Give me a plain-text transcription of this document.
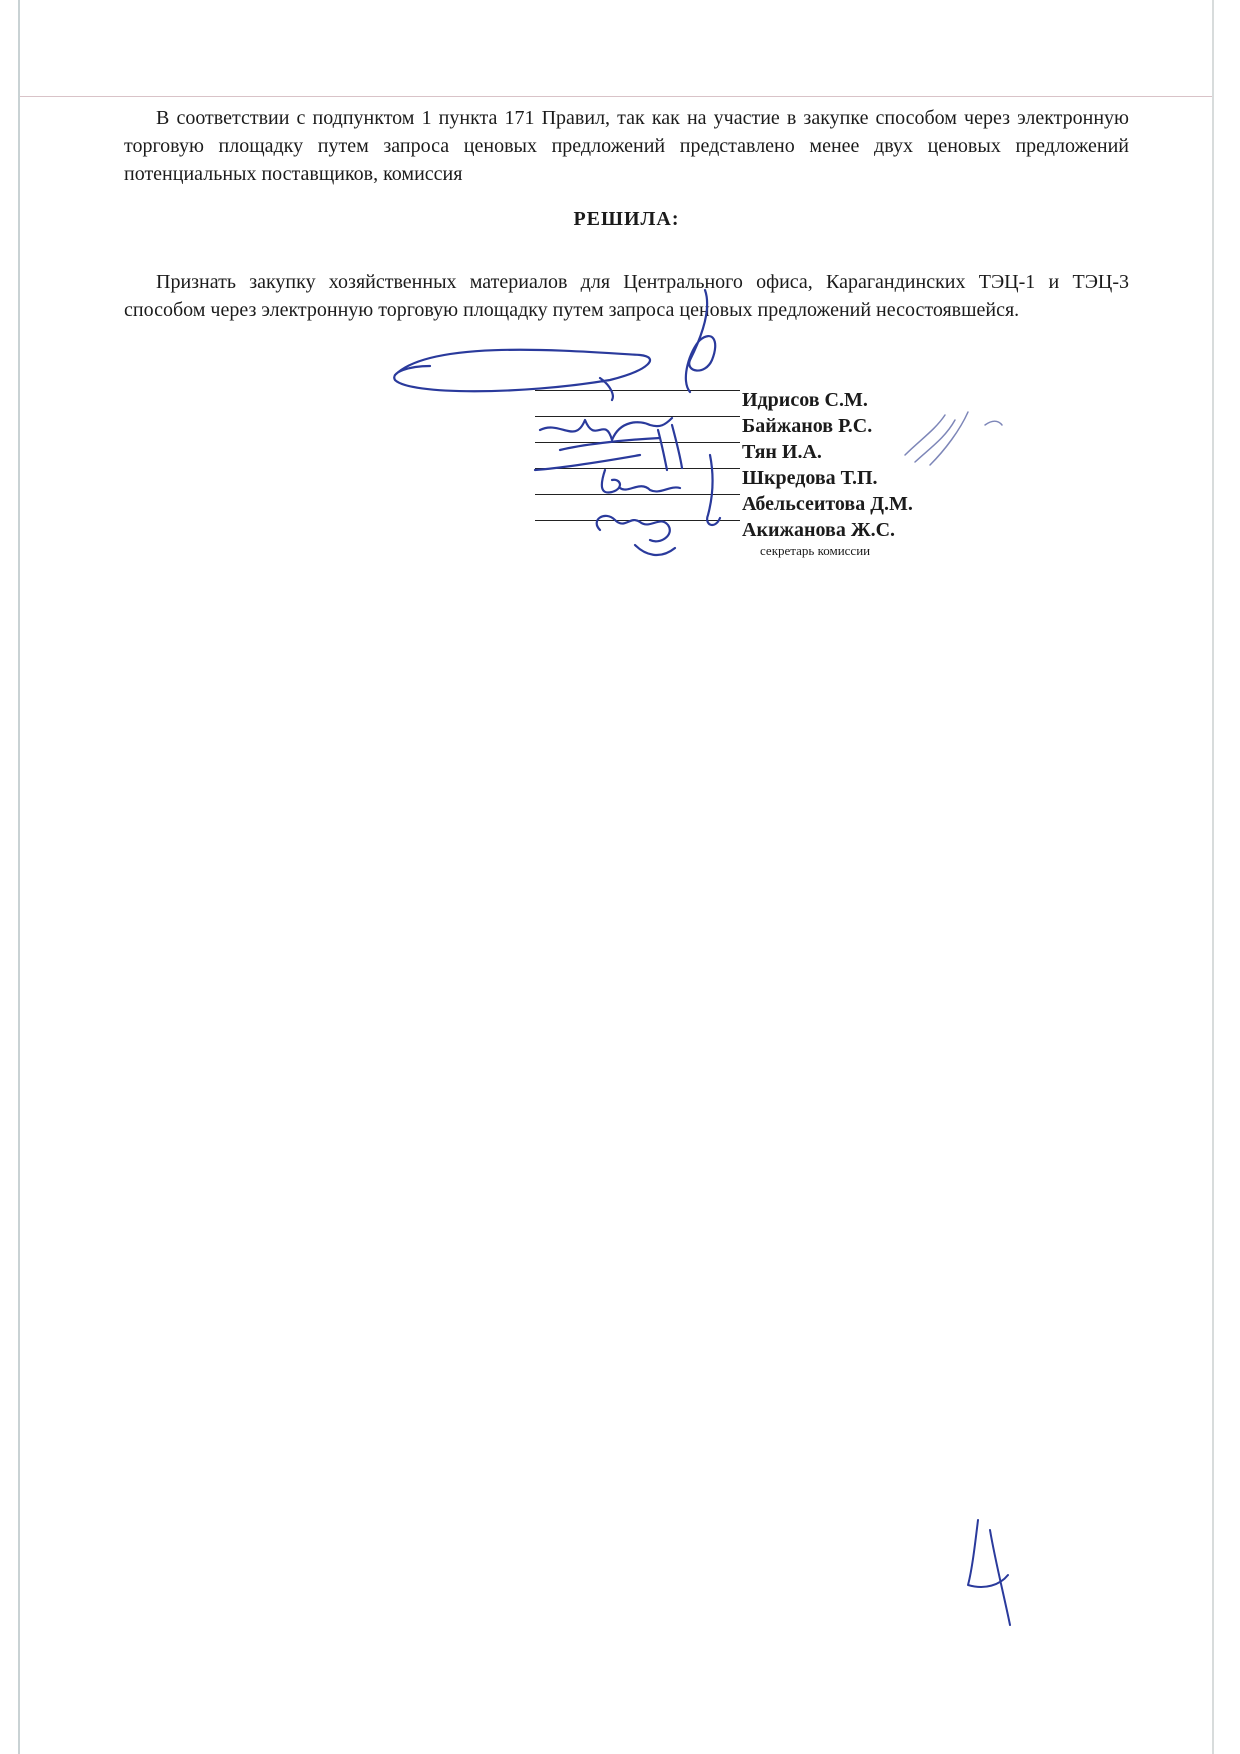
В соответствии с подпунктом 1 пункта 171 Правил, так как на участие в закупке способом через электронную торговую площадку путем запроса ценовых предложений представлено менее двух ценовых предложений потенциальных поставщиков, комиссия

РЕШИЛА:

Признать закупку хозяйственных материалов для Центрального офиса, Карагандинских ТЭЦ-1 и ТЭЦ-3 способом через электронную торговую площадку путем запроса ценовых предложений несостоявшейся.

Идрисов С.М.
Байжанов Р.С.
Тян И.А.
Шкредова Т.П.
Абельсеитова Д.М.
Акижанова Ж.С.
секретарь комиссии
